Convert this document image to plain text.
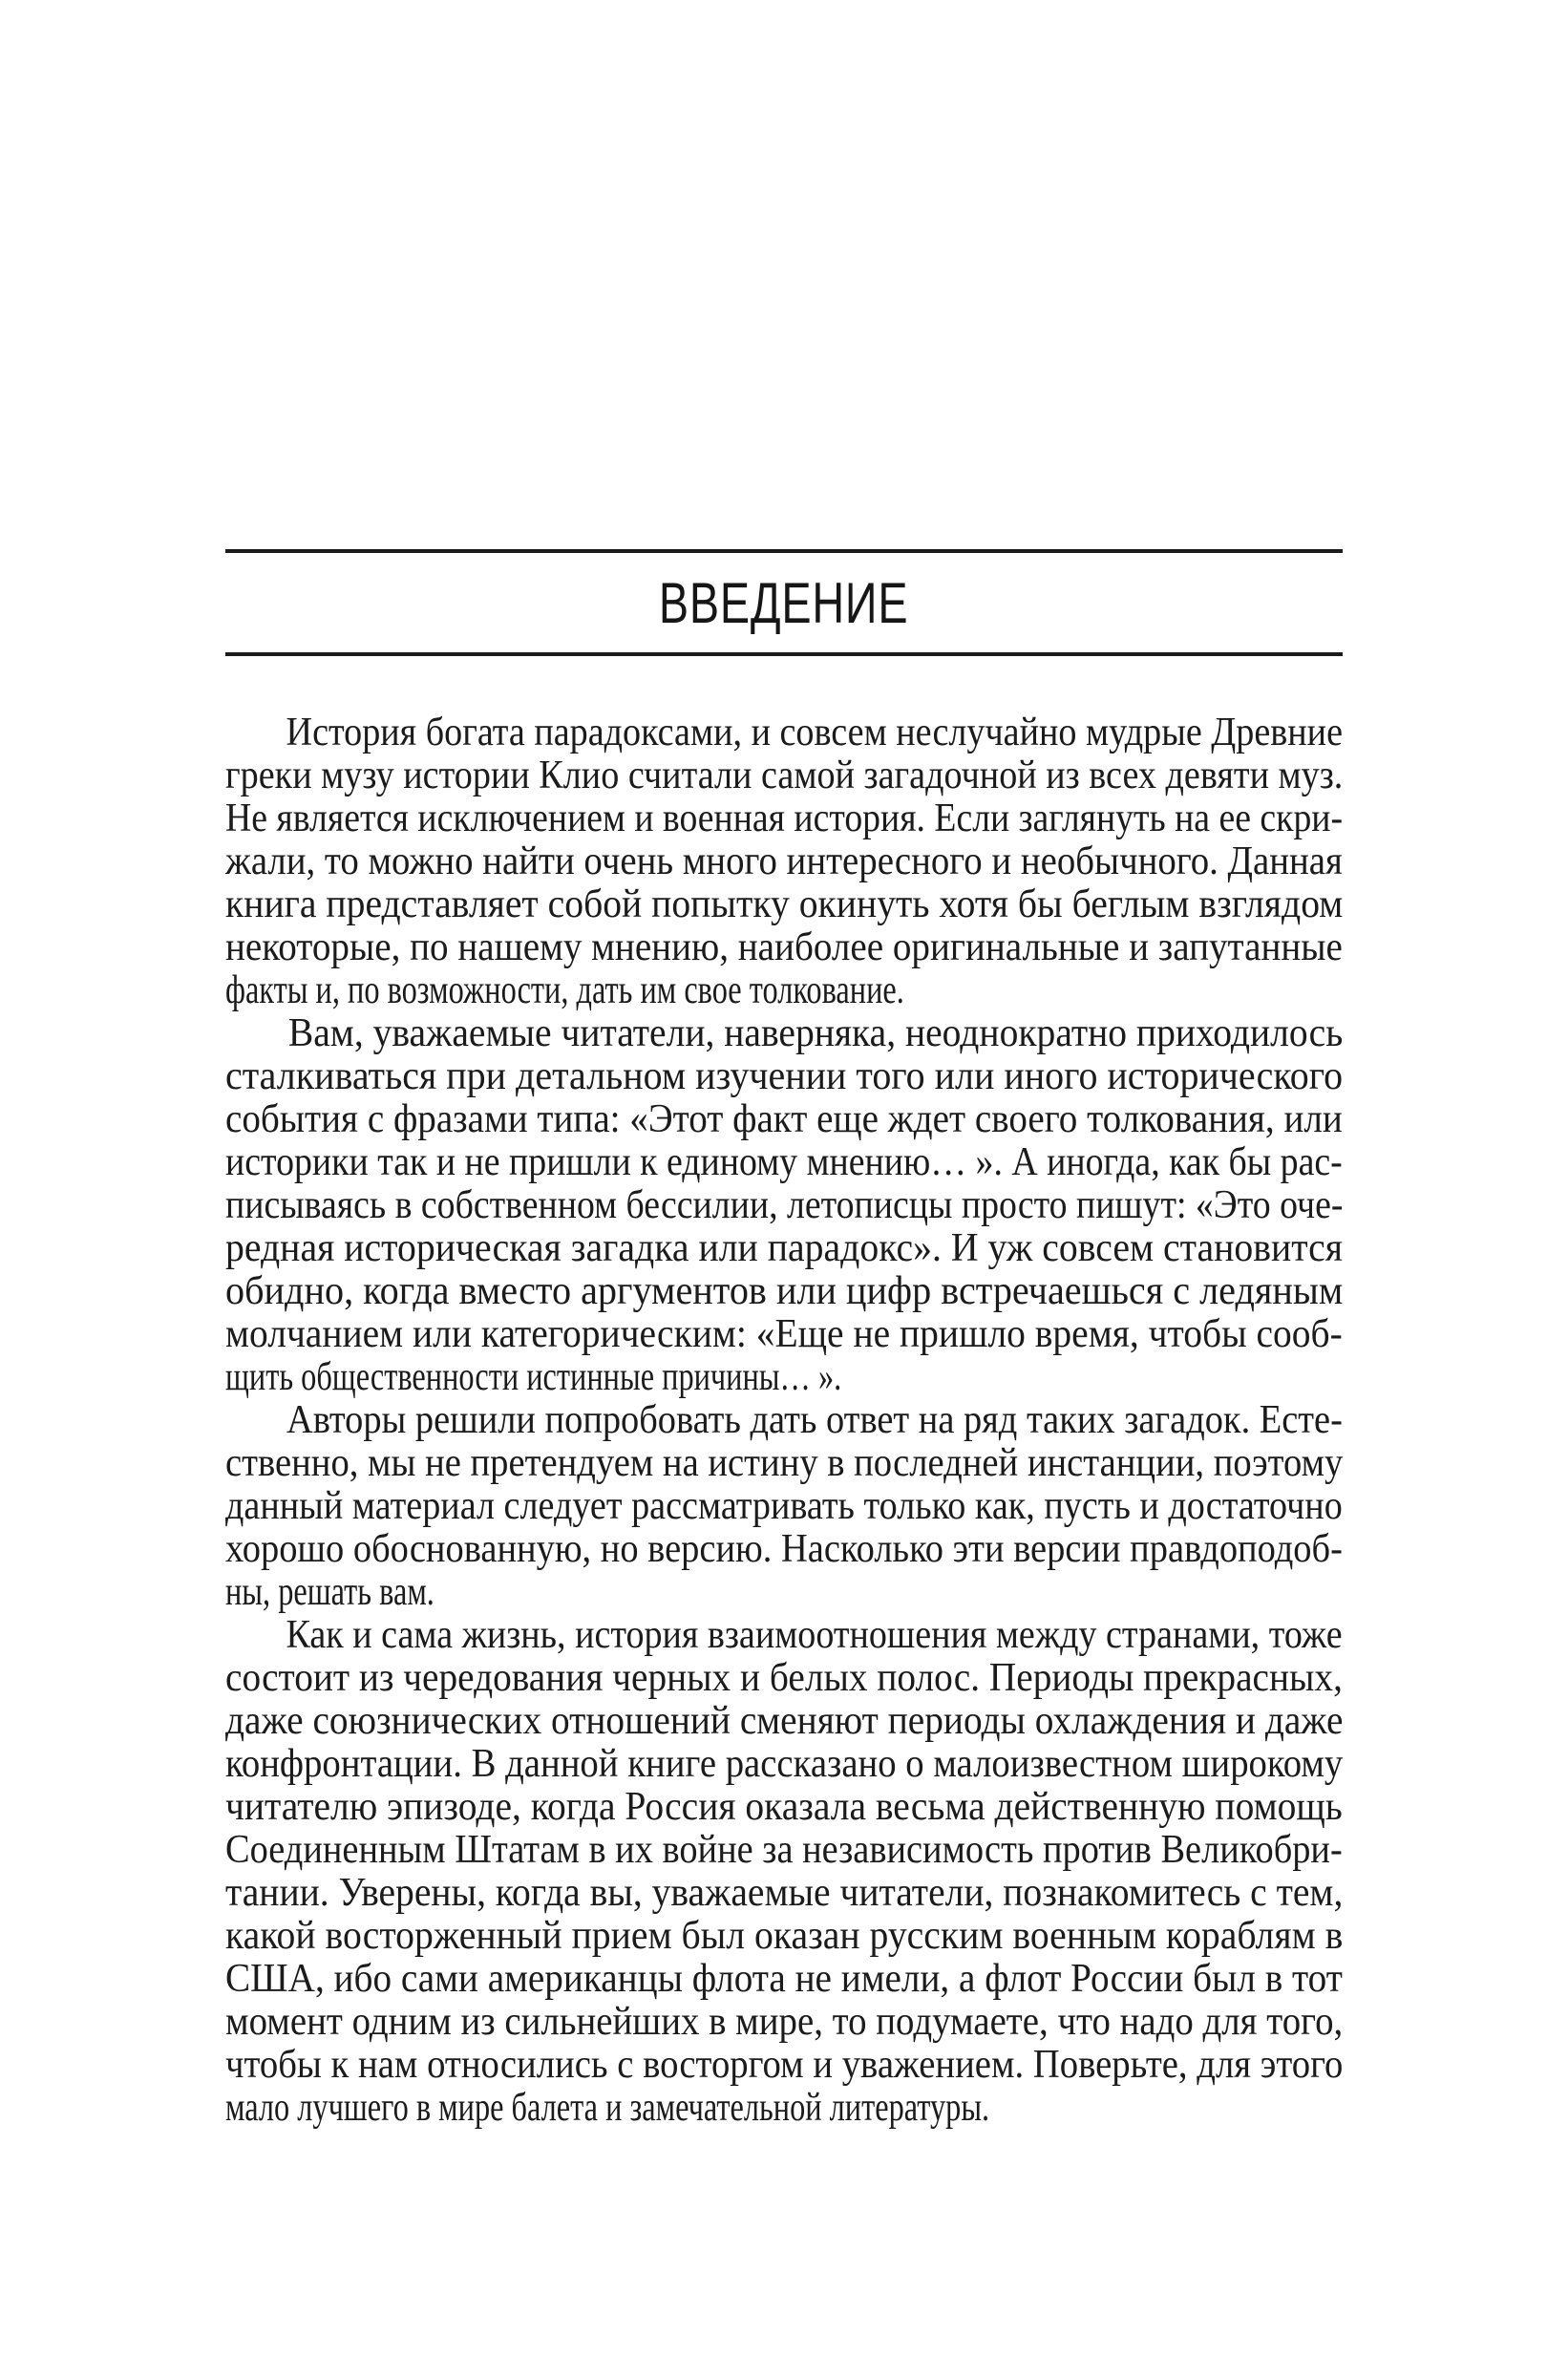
ВВЕДЕНИЕ
История богата парадоксами, и совсем неслучайно мудрые Древние
греки музу истории Клио считали самой загадочной из всех девяти муз.
Не является исключением и военная история. Если заглянуть на ее скри-
жали, то можно найти очень много интересного и необычного. Данная
книга представляет собой попытку окинуть хотя бы беглым взглядом
некоторые, по нашему мнению, наиболее оригинальные и запутанные
факты и, по возможности, дать им свое толкование.
Вам, уважаемые читатели, наверняка, неоднократно приходилось
сталкиваться при детальном изучении того или иного исторического
события с фразами типа: «Этот факт еще ждет своего толкования, или
историки так и не пришли к единому мнению… ». А иногда, как бы рас-
писываясь в собственном бессилии, летописцы просто пишут: «Это оче-
редная историческая загадка или парадокс». И уж совсем становится
обидно, когда вместо аргументов или цифр встречаешься с ледяным
молчанием или категорическим: «Еще не пришло время, чтобы сооб-
щить общественности истинные причины… ».
Авторы решили попробовать дать ответ на ряд таких загадок. Есте-
ственно, мы не претендуем на истину в последней инстанции, поэтому
данный материал следует рассматривать только как, пусть и достаточно
хорошо обоснованную, но версию. Насколько эти версии правдоподоб-
ны, решать вам.
Как и сама жизнь, история взаимоотношения между странами, тоже
состоит из чередования черных и белых полос. Периоды прекрасных,
даже союзнических отношений сменяют периоды охлаждения и даже
конфронтации. В данной книге рассказано о малоизвестном широкому
читателю эпизоде, когда Россия оказала весьма действенную помощь
Соединенным Штатам в их войне за независимость против Великобри-
тании. Уверены, когда вы, уважаемые читатели, познакомитесь с тем,
какой восторженный прием был оказан русским военным кораблям в
США, ибо сами американцы флота не имели, а флот России был в тот
момент одним из сильнейших в мире, то подумаете, что надо для того,
чтобы к нам относились с восторгом и уважением. Поверьте, для этого
мало лучшего в мире балета и замечательной литературы.
